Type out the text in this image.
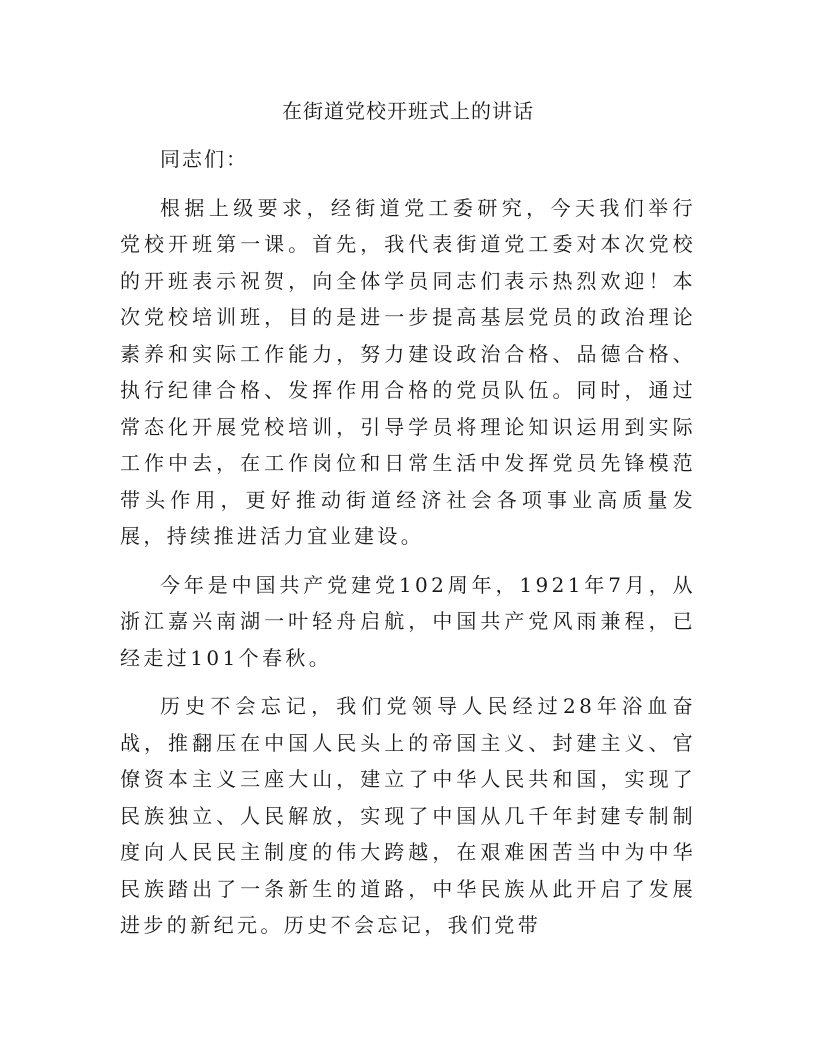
在街道党校开班式上的讲话

同志们：

根据上级要求，经街道党工委研究，今天我们举行党校开班第一课。首先，我代表街道党工委对本次党校的开班表示祝贺，向全体学员同志们表示热烈欢迎！本次党校培训班，目的是进一步提高基层党员的政治理论素养和实际工作能力，努力建设政治合格、品德合格、执行纪律合格、发挥作用合格的党员队伍。同时，通过常态化开展党校培训，引导学员将理论知识运用到实际工作中去，在工作岗位和日常生活中发挥党员先锋模范带头作用，更好推动街道经济社会各项事业高质量发展，持续推进活力宜业建设。

今年是中国共产党建党102周年，1921年7月，从浙江嘉兴南湖一叶轻舟启航，中国共产党风雨兼程，已经走过101个春秋。

历史不会忘记，我们党领导人民经过28年浴血奋战，推翻压在中国人民头上的帝国主义、封建主义、官僚资本主义三座大山，建立了中华人民共和国，实现了民族独立、人民解放，实现了中国从几千年封建专制制度向人民民主制度的伟大跨越，在艰难困苦当中为中华民族踏出了一条新生的道路，中华民族从此开启了发展进步的新纪元。历史不会忘记，我们党带
